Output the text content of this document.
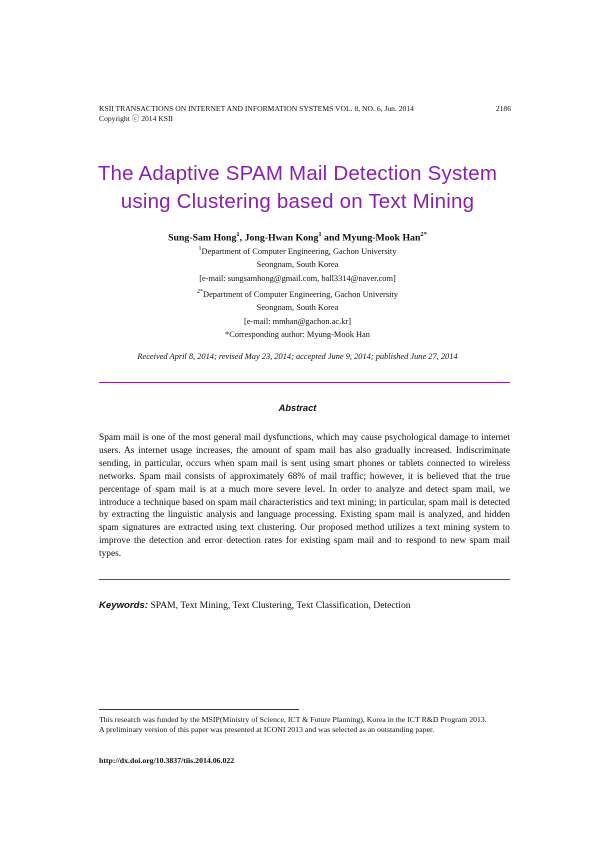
KSII TRANSACTIONS ON INTERNET AND INFORMATION SYSTEMS VOL. 8, NO. 6, Jun. 2014
Copyright ⓒ 2014 KSII
2186
The Adaptive SPAM Mail Detection System
using Clustering based on Text Mining
Sung-Sam Hong$^1$, Jong-Hwan Kong$^1$ and Myung-Mook Han$^{2*}$
$^1$Department of Computer Engineering, Gachon University
Seongnam, South Korea
[e-mail: sungsamhong@gmail.com, ball3314@naver.com]
$^{2*}$Department of Computer Engineering, Gachon University
Seongnam, South Korea
[e-mail: mmhan@gachon.ac.kr]
*Corresponding author: Myung-Mook Han
Received April 8, 2014; revised May 23, 2014; accepted June 9, 2014; published June 27, 2014
Abstract
Spam mail is one of the most general mail dysfunctions, which may cause psychological damage to internet users. As internet usage increases, the amount of spam mail has also gradually increased. Indiscriminate sending, in particular, occurs when spam mail is sent using smart phones or tablets connected to wireless networks. Spam mail consists of approximately 68% of mail traffic; however, it is believed that the true percentage of spam mail is at a much more severe level. In order to analyze and detect spam mail, we introduce a technique based on spam mail characteristics and text mining; in particular, spam mail is detected by extracting the linguistic analysis and language processing. Existing spam mail is analyzed, and hidden spam signatures are extracted using text clustering. Our proposed method utilizes a text mining system to improve the detection and error detection rates for existing spam mail and to respond to new spam mail types.
Keywords: SPAM, Text Mining, Text Clustering, Text Classification, Detection
This research was funded by the MSIP(Ministry of Science, ICT & Future Planning), Korea in the ICT R&D Program 2013.
A preliminary version of this paper was presented at ICONI 2013 and was selected as an outstanding paper.
http://dx.doi.org/10.3837/tiis.2014.06.022
